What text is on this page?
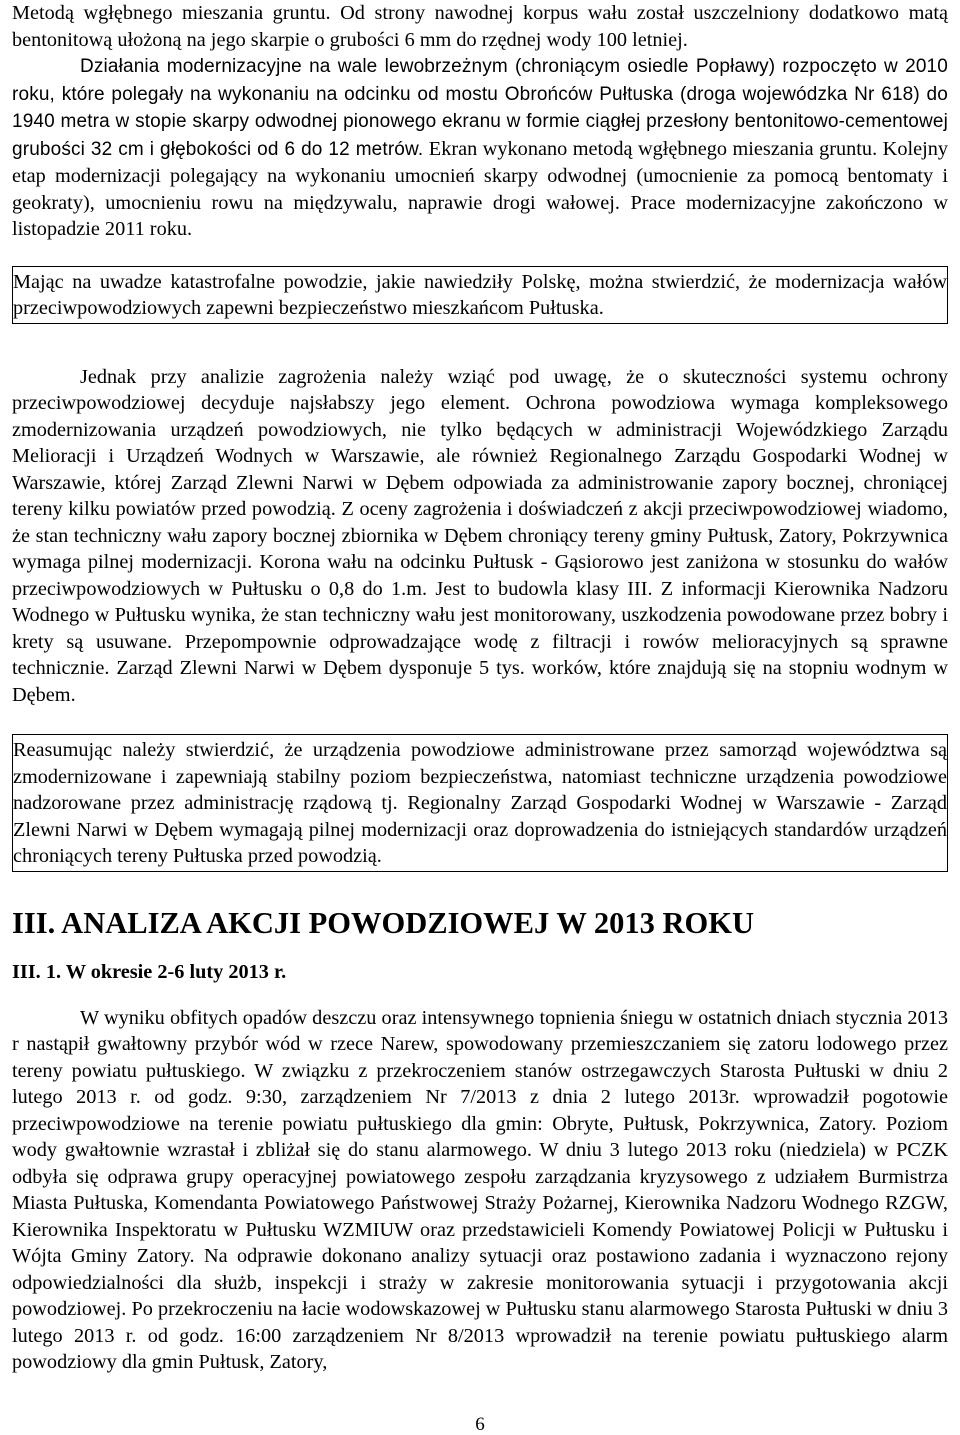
Metodą wgłębnego mieszania gruntu. Od strony nawodnej korpus wału został uszczelniony dodatkowo matą bentonitową ułożoną na jego skarpie o grubości 6 mm do rzędnej wody 100 letniej.

Działania modernizacyjne na wale lewobrzeżnym (chroniącym osiedle Popławy) rozpoczęto w 2010 roku, które polegały na wykonaniu na odcinku od mostu Obrońców Pułtuska (droga wojewódzka Nr 618) do 1940 metra w stopie skarpy odwodnej pionowego ekranu w formie ciągłej przesłony bentonitowo-cementowej grubości 32 cm i głębokości od 6 do 12 metrów. Ekran wykonano metodą wgłębnego mieszania gruntu. Kolejny etap modernizacji polegający na wykonaniu umocnień skarpy odwodnej (umocnienie za pomocą bentomaty i geokraty), umocnieniu rowu na międzywalu, naprawie drogi wałowej. Prace modernizacyjne zakończono w listopadzie 2011 roku.

Mając na uwadze katastrofalne powodzie, jakie nawiedziły Polskę, można stwierdzić, że modernizacja wałów przeciwpowodziowych zapewni bezpieczeństwo mieszkańcom Pułtuska.

Jednak przy analizie zagrożenia należy wziąć pod uwagę, że o skuteczności systemu ochrony przeciwpowodziowej decyduje najsłabszy jego element. Ochrona powodziowa wymaga kompleksowego zmodernizowania urządzeń powodziowych, nie tylko będących w administracji Wojewódzkiego Zarządu Melioracji i Urządzeń Wodnych w Warszawie, ale również Regionalnego Zarządu Gospodarki Wodnej w Warszawie, której Zarząd Zlewni Narwi w Dębem odpowiada za administrowanie zapory bocznej, chroniącej tereny kilku powiatów przed powodzią. Z oceny zagrożenia i doświadczeń z akcji przeciwpowodziowej wiadomo, że stan techniczny wału zapory bocznej zbiornika w Dębem chroniący tereny gminy Pułtusk, Zatory, Pokrzywnica wymaga pilnej modernizacji. Korona wału na odcinku Pułtusk - Gąsiorowo jest zaniżona w stosunku do wałów przeciwpowodziowych w Pułtusku o 0,8 do 1.m. Jest to budowla klasy III. Z informacji Kierownika Nadzoru Wodnego w Pułtusku wynika, że stan techniczny wału jest monitorowany, uszkodzenia powodowane przez bobry i krety są usuwane. Przepompownie odprowadzające wodę z filtracji i rowów melioracyjnych są sprawne technicznie. Zarząd Zlewni Narwi w Dębem dysponuje 5 tys. worków, które znajdują się na stopniu wodnym w Dębem.

Reasumując należy stwierdzić, że urządzenia powodziowe administrowane przez samorząd województwa są zmodernizowane i zapewniają stabilny poziom bezpieczeństwa, natomiast techniczne urządzenia powodziowe nadzorowane przez administrację rządową tj. Regionalny Zarząd Gospodarki Wodnej w Warszawie - Zarząd Zlewni Narwi w Dębem wymagają pilnej modernizacji oraz doprowadzenia do istniejących standardów urządzeń chroniących tereny Pułtuska przed powodzią.

III. ANALIZA AKCJI POWODZIOWEJ W 2013 ROKU
III. 1. W okresie 2-6 luty 2013 r.

W wyniku obfitych opadów deszczu oraz intensywnego topnienia śniegu w ostatnich dniach stycznia 2013 r nastąpił gwałtowny przybór wód w rzece Narew, spowodowany przemieszczaniem się zatoru lodowego przez tereny powiatu pułtuskiego. W związku z przekroczeniem stanów ostrzegawczych Starosta Pułtuski w dniu 2 lutego 2013 r. od godz. 9:30, zarządzeniem Nr 7/2013 z dnia 2 lutego 2013r. wprowadził pogotowie przeciwpowodziowe na terenie powiatu pułtuskiego dla gmin: Obryte, Pułtusk, Pokrzywnica, Zatory. Poziom wody gwałtownie wzrastał i zbliżał się do stanu alarmowego. W dniu 3 lutego 2013 roku (niedziela) w PCZK odbyła się odprawa grupy operacyjnej powiatowego zespołu zarządzania kryzysowego z udziałem Burmistrza Miasta Pułtuska, Komendanta Powiatowego Państwowej Straży Pożarnej, Kierownika Nadzoru Wodnego RZGW, Kierownika Inspektoratu w Pułtusku WZMIUW oraz przedstawicieli Komendy Powiatowej Policji w Pułtusku i Wójta Gminy Zatory. Na odprawie dokonano analizy sytuacji oraz postawiono zadania i wyznaczono rejony odpowiedzialności dla służb, inspekcji i straży w zakresie monitorowania sytuacji i przygotowania akcji powodziowej. Po przekroczeniu na łacie wodowskazowej w Pułtusku stanu alarmowego Starosta Pułtuski w dniu 3 lutego 2013 r. od godz. 16:00 zarządzeniem Nr 8/2013 wprowadził na terenie powiatu pułtuskiego alarm powodziowy dla gmin Pułtusk, Zatory,

6
